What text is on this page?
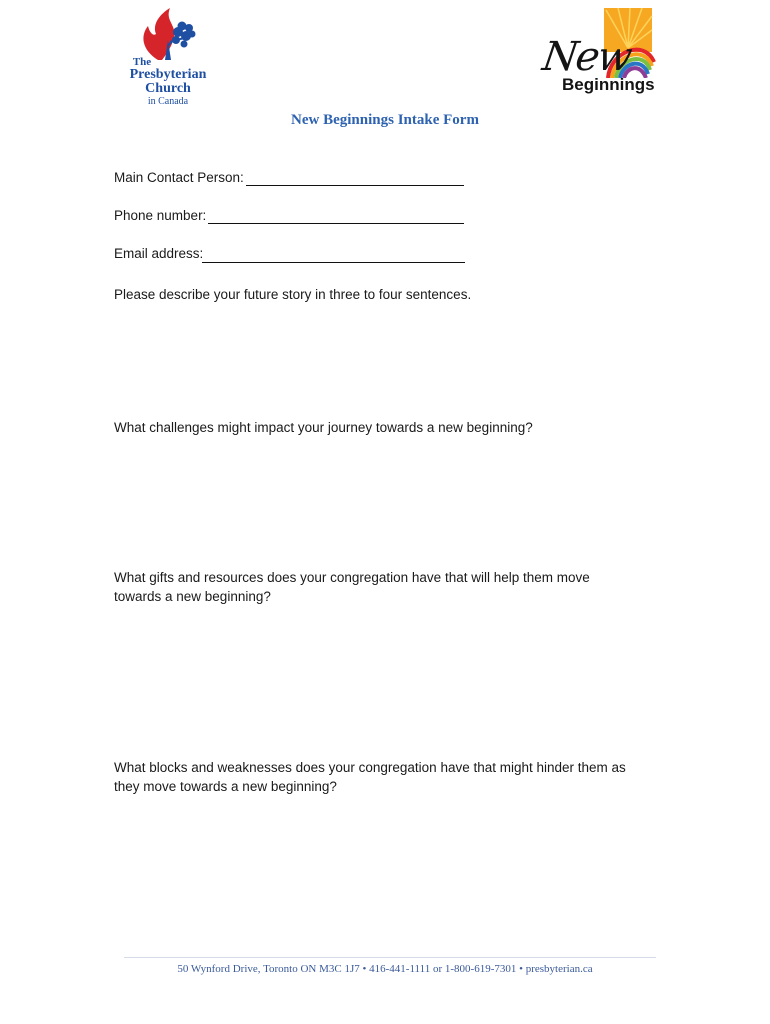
The
Presbyterian
Church
in Canada
New
Beginnings
New Beginnings Intake Form
Main Contact Person:
Phone number:
Email address:
Please describe your future story in three to four sentences.
What challenges might impact your journey towards a new beginning?
What gifts and resources does your congregation have that will help them move towards a new beginning?
What blocks and weaknesses does your congregation have that might hinder them as they move towards a new beginning?
50 Wynford Drive, Toronto ON M3C 1J7 • 416-441-1111 or 1-800-619-7301 • presbyterian.ca
